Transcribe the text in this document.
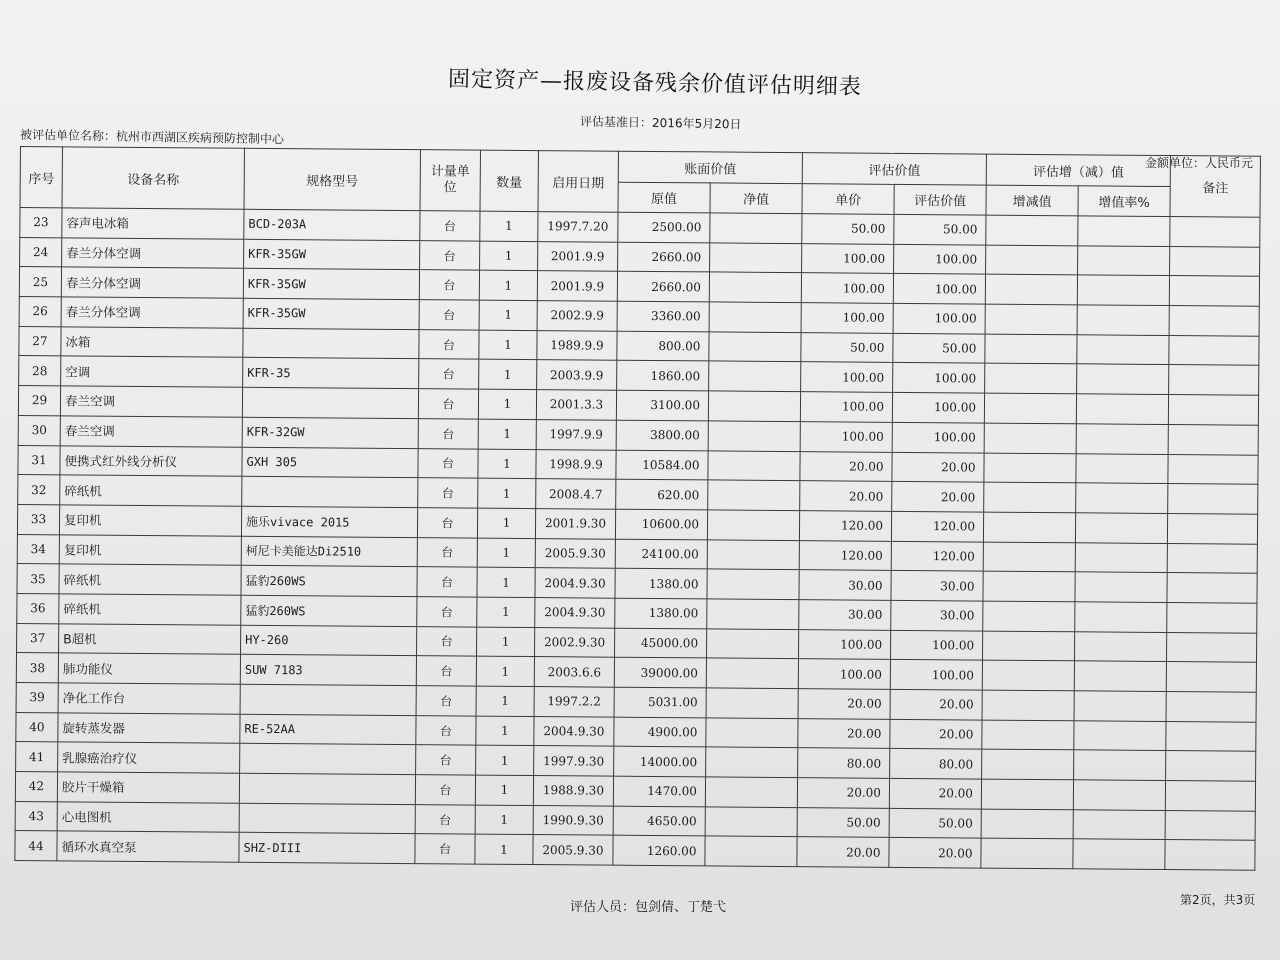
固定资产—报废设备残余价值评估明细表
评估基准日：2016年5月20日
被评估单位名称：杭州市西湖区疾病预防控制中心
金额单位：人民币元
序号	设备名称	规格型号	计量单位	数量	启用日期	账面价值		评估价值		评估增（减）值		备注
						原值	净值	单价	评估价值	增减值	增值率%	
23	容声电冰箱	BCD-203A	台	1	1997.7.20	2500.00		50.00	50.00			
24	春兰分体空调	KFR-35GW	台	1	2001.9.9	2660.00		100.00	100.00			
25	春兰分体空调	KFR-35GW	台	1	2001.9.9	2660.00		100.00	100.00			
26	春兰分体空调	KFR-35GW	台	1	2002.9.9	3360.00		100.00	100.00			
27	冰箱		台	1	1989.9.9	800.00		50.00	50.00			
28	空调	KFR-35	台	1	2003.9.9	1860.00		100.00	100.00			
29	春兰空调		台	1	2001.3.3	3100.00		100.00	100.00			
30	春兰空调	KFR-32GW	台	1	1997.9.9	3800.00		100.00	100.00			
31	便携式红外线分析仪	GXH 305	台	1	1998.9.9	10584.00		20.00	20.00			
32	碎纸机		台	1	2008.4.7	620.00		20.00	20.00			
33	复印机	施乐vivace 2015	台	1	2001.9.30	10600.00		120.00	120.00			
34	复印机	柯尼卡美能达Di2510	台	1	2005.9.30	24100.00		120.00	120.00			
35	碎纸机	猛豹260WS	台	1	2004.9.30	1380.00		30.00	30.00			
36	碎纸机	猛豹260WS	台	1	2004.9.30	1380.00		30.00	30.00			
37	B超机	HY-260	台	1	2002.9.30	45000.00		100.00	100.00			
38	肺功能仪	SUW 7183	台	1	2003.6.6	39000.00		100.00	100.00			
39	净化工作台		台	1	1997.2.2	5031.00		20.00	20.00			
40	旋转蒸发器	RE-52AA	台	1	2004.9.30	4900.00		20.00	20.00			
41	乳腺癌治疗仪		台	1	1997.9.30	14000.00		80.00	80.00			
42	胶片干燥箱		台	1	1988.9.30	1470.00		20.00	20.00			
43	心电图机		台	1	1990.9.30	4650.00		50.00	50.00			
44	循环水真空泵	SHZ-DIII	台	1	2005.9.30	1260.00		20.00	20.00			
评估人员：包剑倩、丁楚弋	第2页，共3页
